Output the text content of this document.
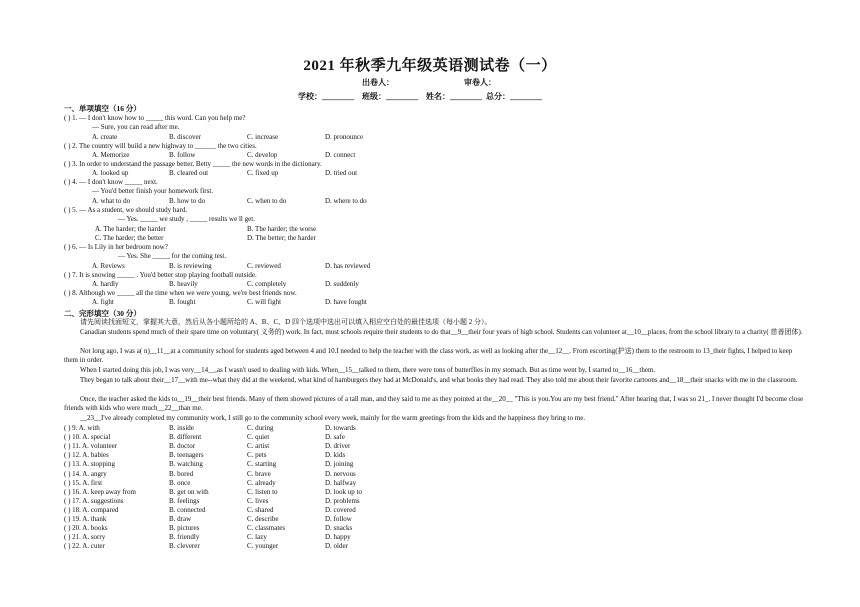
2021 年秋季九年级英语测试卷（一）
出卷人：	审卷人：
学校：________    班级：________    姓名：________  总分：________
一、单项填空（16 分）
( ) 1. — I don't know how to _____ this word. Can you help me?
— Sure, you can read after me.
A. create	B. discover	C. increase	D. pronounce
( ) 2. The country will build a new highway to ______ the two cities.
A. Memorize	B. follow	C. develop	D. connect
( ) 3. In order to understand the passage better, Betty _____ the new words in the dictionary.
A. looked up	B. cleared out	C. fixed up	D. tried out
( ) 4. — I don't know _____ next.
— You'd better finish your homework first.
A. what to do	B. how to do	C. when to do	D. where to do
( ) 5. — As a student, we should study hard.
— Yes. _____ we study , _____ results we ll get.
A. The harder; the harder	B. The harder; the worse
C. The harder; the better	D. The better; the harder
( ) 6. — Is Lily in her bedroom now?
— Yes. She _____ for the coming test.
A. Reviews	B. is reviewing	C. reviewed	D. has reviewed
( ) 7. It is snowing _____ . You'd better stop playing football outside.
A. hardly	B. heavily	C. completely	D. suddenly
( ) 8. Although we _____ all the time when we were young, we're best friends now.
A. fight	B. fought	C. will fight	D. have fought
二、完形填空（30 分）
请先阅读找面短文，掌握其大意，然后从各小题所给的 A、B、C、D 四个选项中选出可以填入相应空白处的最佳选项（每小题 2 分）。
Canadian students spend much of their spare time on voluntary( 义务的) work. In fact, most schools require their students to do that__9__their four years of high school. Students can volunteer at__10__places, from the school library to a charity( 慈善团体).
Not long ago, I was a( n)__11__at a community school for students aged between 4 and 10.I needed to help the teacher with the class work, as well as looking after the__12__. From escorting(护送) them to the restroom to 13_their fights, I helped to keep them in order.
When I started doing this job, I was very__14__,as I wasn't used to dealing with kids. When__15__talked to them, there were tons of butterflies in my stomach. But as time went by, I started to__16__them.
They began to talk about their__17__with me--what they did at the weekend, what kind of hamburgers they had at McDonald's, and what books they had read. They also told me about their favorite cartoons and__18__their snacks with me in the classroom.
Once, the teacher asked the kids to__19__their best friends. Many of them showed pictures of a tall man, and they said to me as they pointed at the__20__ "This is you.You are my best friend." After hearing that, I was so 21_. I never thought I'd become close friends with kids who were much__22__than me.
__23__I've already completed my community work, I still go to the community school every week, mainly for the warm greetings from the kids and the happiness they bring to me.
( ) 9. A. with	B. inside	C. during	D. towards
( ) 10. A. special	B. different	C. quiet	D. safe
( ) 11. A. volunteer	B. doctor	C. artist	D. driver
( ) 12. A. babies	B. teenagers	C. pets	D. kids
( ) 13. A. stopping	B. watching	C. starting	D. joining
( ) 14. A. angry	B. bored	C. brave	D. nervous
( ) 15. A. first	B. once	C. already	D. halfway
( ) 16. A. keep away from	B. get on with	C. listen to	D. look up to
( ) 17. A. suggestions	B. feelings	C. lives	D. problems
( ) 18. A. compared	B. connected	C. shared	D. covered
( ) 19. A. thank	B. draw	C. describe	D. follow
( ) 20. A. books	B. pictures	C. classmates	D. snacks
( ) 21. A. sorry	B. friendly	C. lazy	D. happy
( ) 22. A. cuter	B. cleverer	C. younger	D. older
